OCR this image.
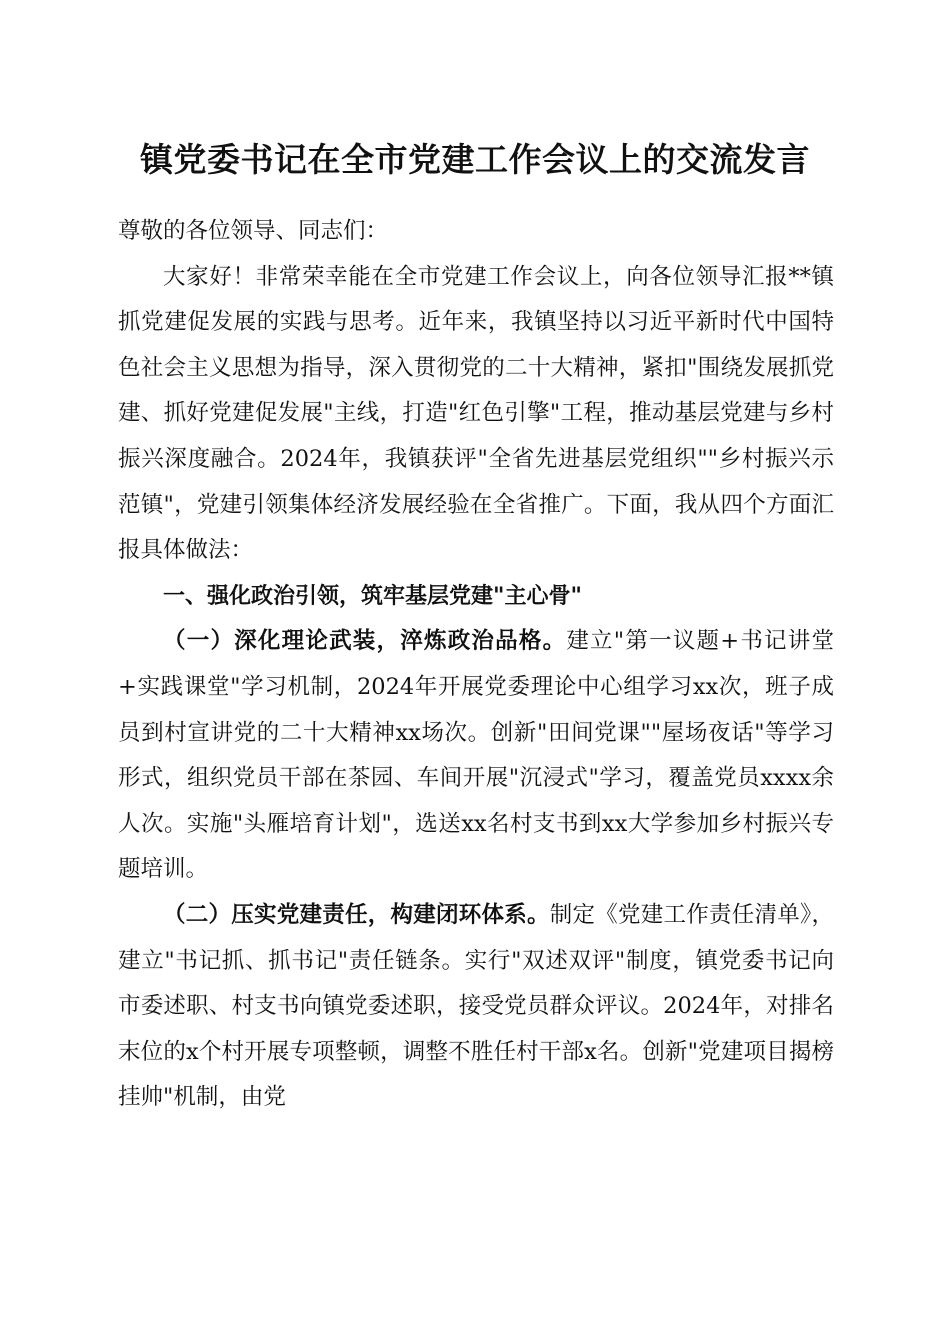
镇党委书记在全市党建工作会议上的交流发言

尊敬的各位领导、同志们：

大家好！非常荣幸能在全市党建工作会议上，向各位领导汇报**镇抓党建促发展的实践与思考。近年来，我镇坚持以习近平新时代中国特色社会主义思想为指导，深入贯彻党的二十大精神，紧扣"围绕发展抓党建、抓好党建促发展"主线，打造"红色引擎"工程，推动基层党建与乡村振兴深度融合。2024年，我镇获评"全省先进基层党组织""乡村振兴示范镇"，党建引领集体经济发展经验在全省推广。下面，我从四个方面汇报具体做法：

一、强化政治引领，筑牢基层党建"主心骨"

（一）深化理论武装，淬炼政治品格。建立"第一议题+书记讲堂+实践课堂"学习机制，2024年开展党委理论中心组学习xx次，班子成员到村宣讲党的二十大精神xx场次。创新"田间党课""屋场夜话"等学习形式，组织党员干部在茶园、车间开展"沉浸式"学习，覆盖党员xxxx余人次。实施"头雁培育计划"，选送xx名村支书到xx大学参加乡村振兴专题培训。

（二）压实党建责任，构建闭环体系。制定《党建工作责任清单》，建立"书记抓、抓书记"责任链条。实行"双述双评"制度，镇党委书记向市委述职、村支书向镇党委述职，接受党员群众评议。2024年，对排名末位的x个村开展专项整顿，调整不胜任村干部x名。创新"党建项目揭榜挂帅"机制，由党
